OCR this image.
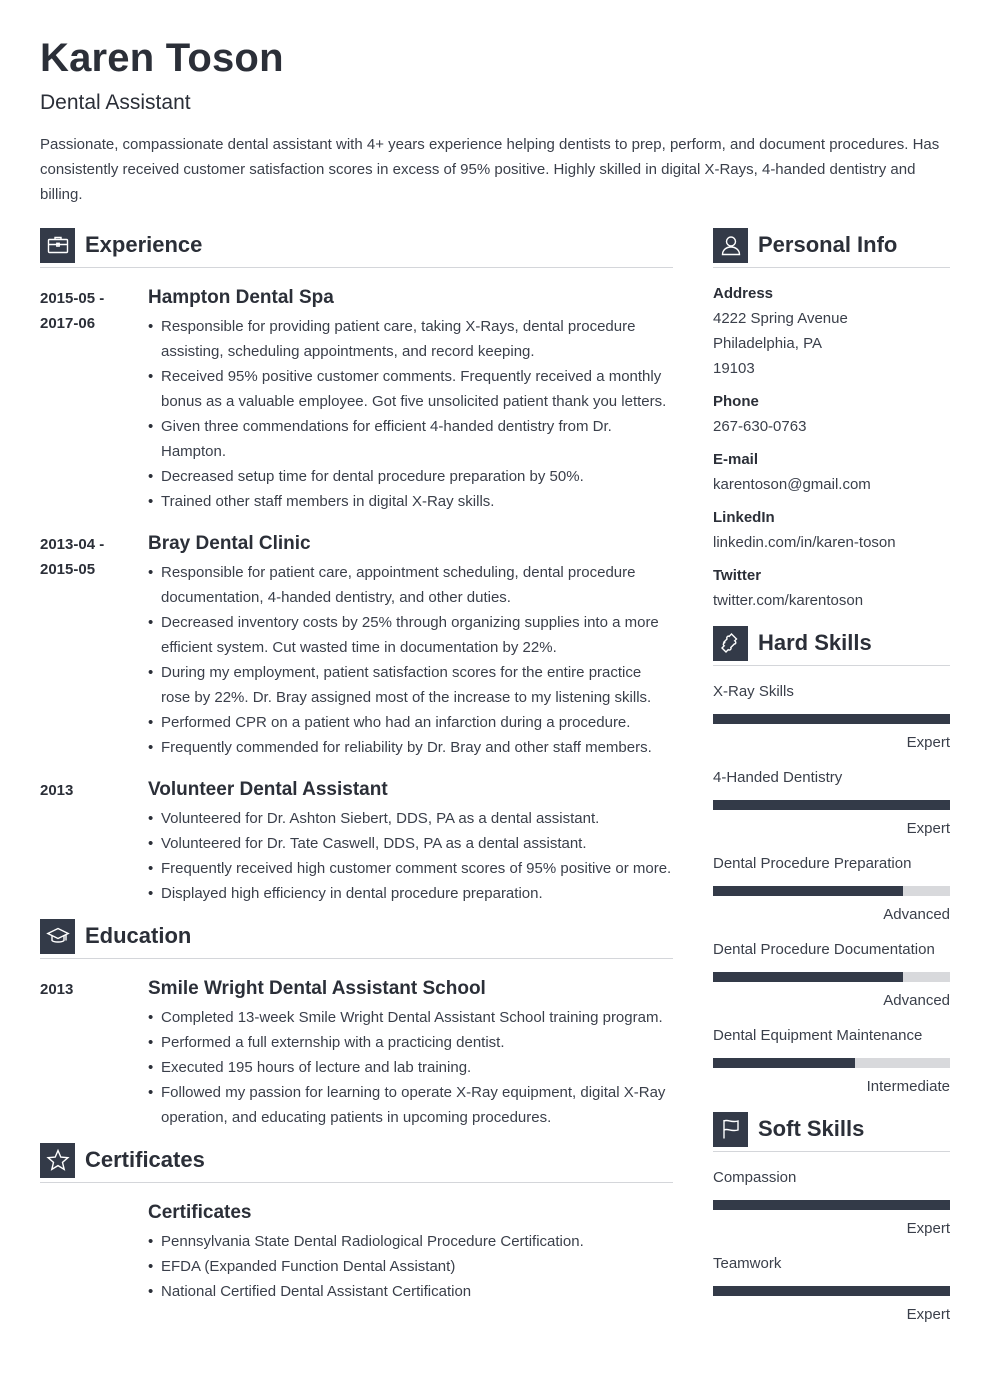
Karen Toson
Dental Assistant
Passionate, compassionate dental assistant with 4+ years experience helping dentists to prep, perform, and document procedures. Has consistently received customer satisfaction scores in excess of 95% positive. Highly skilled in digital X-Rays, 4-handed dentistry and billing.
Experience
2015-05 -
2017-06
Hampton Dental Spa
• Responsible for providing patient care, taking X-Rays, dental procedure assisting, scheduling appointments, and record keeping.
• Received 95% positive customer comments. Frequently received a monthly bonus as a valuable employee. Got five unsolicited patient thank you letters.
• Given three commendations for efficient 4-handed dentistry from Dr. Hampton.
• Decreased setup time for dental procedure preparation by 50%.
• Trained other staff members in digital X-Ray skills.
2013-04 -
2015-05
Bray Dental Clinic
• Responsible for patient care, appointment scheduling, dental procedure documentation, 4-handed dentistry, and other duties.
• Decreased inventory costs by 25% through organizing supplies into a more efficient system. Cut wasted time in documentation by 22%.
• During my employment, patient satisfaction scores for the entire practice rose by 22%. Dr. Bray assigned most of the increase to my listening skills.
• Performed CPR on a patient who had an infarction during a procedure.
• Frequently commended for reliability by Dr. Bray and other staff members.
2013	Volunteer Dental Assistant
• Volunteered for Dr. Ashton Siebert, DDS, PA as a dental assistant.
• Volunteered for Dr. Tate Caswell, DDS, PA as a dental assistant.
• Frequently received high customer comment scores of 95% positive or more.
• Displayed high efficiency in dental procedure preparation.
Education
2013	Smile Wright Dental Assistant School
• Completed 13-week Smile Wright Dental Assistant School training program.
• Performed a full externship with a practicing dentist.
• Executed 195 hours of lecture and lab training.
• Followed my passion for learning to operate X-Ray equipment, digital X-Ray operation, and educating patients in upcoming procedures.
Certificates
Certificates
• Pennsylvania State Dental Radiological Procedure Certification.
• EFDA (Expanded Function Dental Assistant)
• National Certified Dental Assistant Certification
Personal Info
Address
4222 Spring Avenue
Philadelphia, PA
19103
Phone
267-630-0763
E-mail
karentoson@gmail.com
LinkedIn
linkedin.com/in/karen-toson
Twitter
twitter.com/karentoson
Hard Skills
X-Ray Skills
Expert
4-Handed Dentistry
Expert
Dental Procedure Preparation
Advanced
Dental Procedure Documentation
Advanced
Dental Equipment Maintenance
Intermediate
Soft Skills
Compassion
Expert
Teamwork
Expert
